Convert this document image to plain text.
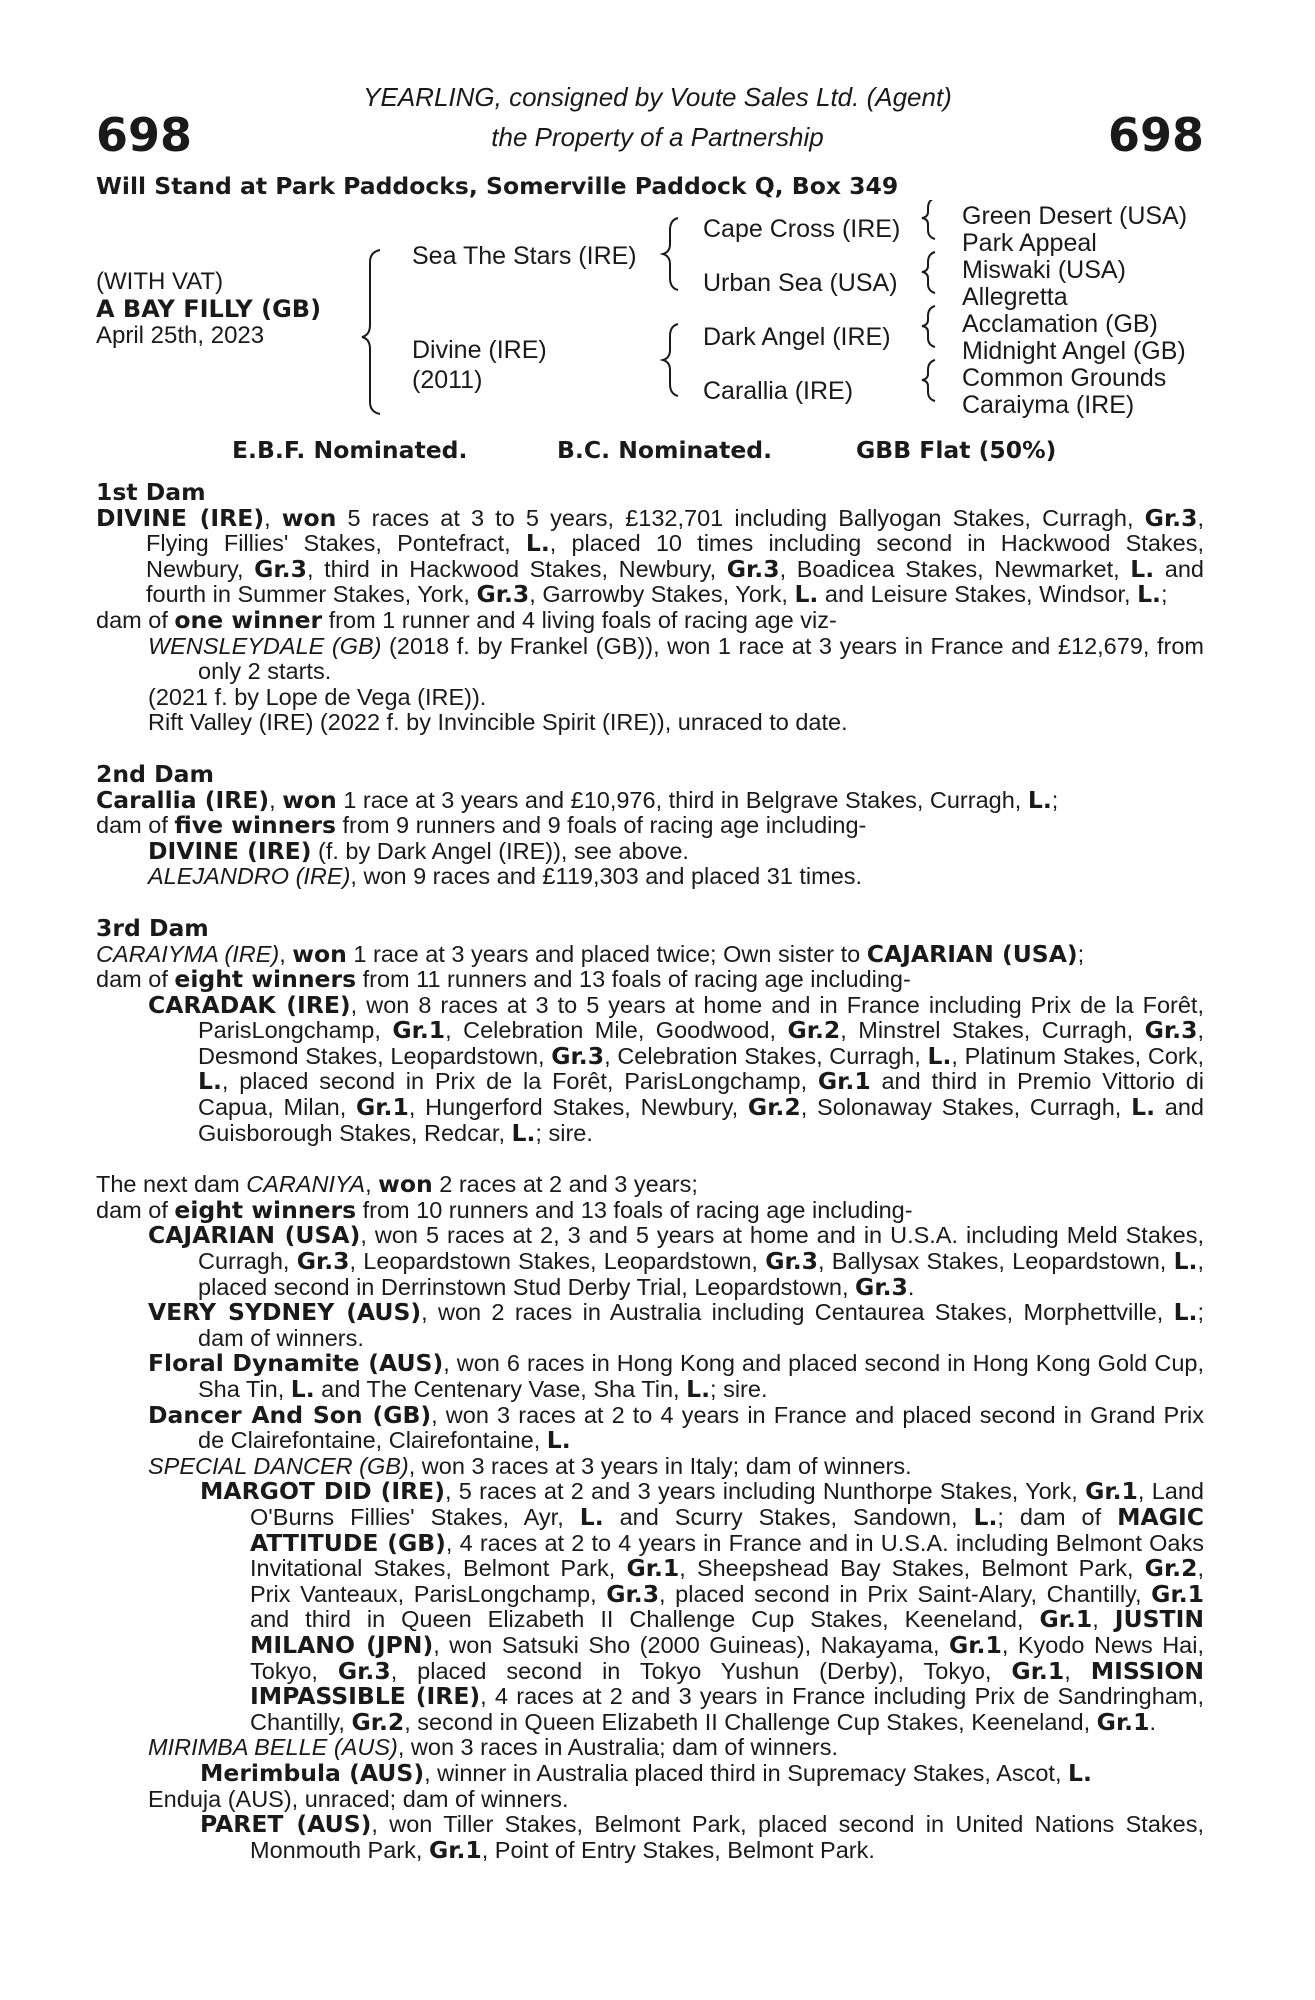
698	698
YEARLING, consigned by Voute Sales Ltd. (Agent)
the Property of a Partnership
Will Stand at Park Paddocks, Somerville Paddock Q, Box 349
(WITH VAT)
A BAY FILLY (GB)
April 25th, 2023
Sea The Stars (IRE)
Divine (IRE)
(2011)
Cape Cross (IRE)
Urban Sea (USA)
Dark Angel (IRE)
Carallia (IRE)
Green Desert (USA)
Park Appeal
Miswaki (USA)
Allegretta
Acclamation (GB)
Midnight Angel (GB)
Common Grounds
Caraiyma (IRE)
E.B.F. Nominated.	B.C. Nominated.	GBB Flat (50%)

1st Dam

DIVINE (IRE), won 5 races at 3 to 5 years, £132,701 including Ballyogan Stakes, Curragh, Gr.3, Flying Fillies' Stakes, Pontefract, L., placed 10 times including second in Hackwood Stakes, Newbury, Gr.3, third in Hackwood Stakes, Newbury, Gr.3, Boadicea Stakes, Newmarket, L. and fourth in Summer Stakes, York, Gr.3, Garrowby Stakes, York, L. and Leisure Stakes, Windsor, L.;

dam of one winner from 1 runner and 4 living foals of racing age viz-

WENSLEYDALE (GB) (2018 f. by Frankel (GB)), won 1 race at 3 years in France and £12,679, from only 2 starts.

(2021 f. by Lope de Vega (IRE)).

Rift Valley (IRE) (2022 f. by Invincible Spirit (IRE)), unraced to date.

2nd Dam

Carallia (IRE), won 1 race at 3 years and £10,976, third in Belgrave Stakes, Curragh, L.;

dam of five winners from 9 runners and 9 foals of racing age including-

DIVINE (IRE) (f. by Dark Angel (IRE)), see above.

ALEJANDRO (IRE), won 9 races and £119,303 and placed 31 times.

3rd Dam

CARAIYMA (IRE), won 1 race at 3 years and placed twice; Own sister to CAJARIAN (USA);

dam of eight winners from 11 runners and 13 foals of racing age including-

CARADAK (IRE), won 8 races at 3 to 5 years at home and in France including Prix de la Forêt, ParisLongchamp, Gr.1, Celebration Mile, Goodwood, Gr.2, Minstrel Stakes, Curragh, Gr.3, Desmond Stakes, Leopardstown, Gr.3, Celebration Stakes, Curragh, L., Platinum Stakes, Cork, L., placed second in Prix de la Forêt, ParisLongchamp, Gr.1 and third in Premio Vittorio di Capua, Milan, Gr.1, Hungerford Stakes, Newbury, Gr.2, Solonaway Stakes, Curragh, L. and Guisborough Stakes, Redcar, L.; sire.

The next dam CARANIYA, won 2 races at 2 and 3 years;

dam of eight winners from 10 runners and 13 foals of racing age including-

CAJARIAN (USA), won 5 races at 2, 3 and 5 years at home and in U.S.A. including Meld Stakes, Curragh, Gr.3, Leopardstown Stakes, Leopardstown, Gr.3, Ballysax Stakes, Leopardstown, L., placed second in Derrinstown Stud Derby Trial, Leopardstown, Gr.3.

VERY SYDNEY (AUS), won 2 races in Australia including Centaurea Stakes, Morphettville, L.; dam of winners.

Floral Dynamite (AUS), won 6 races in Hong Kong and placed second in Hong Kong Gold Cup, Sha Tin, L. and The Centenary Vase, Sha Tin, L.; sire.

Dancer And Son (GB), won 3 races at 2 to 4 years in France and placed second in Grand Prix de Clairefontaine, Clairefontaine, L.

SPECIAL DANCER (GB), won 3 races at 3 years in Italy; dam of winners.

MARGOT DID (IRE), 5 races at 2 and 3 years including Nunthorpe Stakes, York, Gr.1, Land O'Burns Fillies' Stakes, Ayr, L. and Scurry Stakes, Sandown, L.; dam of MAGIC ATTITUDE (GB), 4 races at 2 to 4 years in France and in U.S.A. including Belmont Oaks Invitational Stakes, Belmont Park, Gr.1, Sheepshead Bay Stakes, Belmont Park, Gr.2, Prix Vanteaux, ParisLongchamp, Gr.3, placed second in Prix Saint-Alary, Chantilly, Gr.1 and third in Queen Elizabeth II Challenge Cup Stakes, Keeneland, Gr.1, JUSTIN MILANO (JPN), won Satsuki Sho (2000 Guineas), Nakayama, Gr.1, Kyodo News Hai, Tokyo, Gr.3, placed second in Tokyo Yushun (Derby), Tokyo, Gr.1, MISSION IMPASSIBLE (IRE), 4 races at 2 and 3 years in France including Prix de Sandringham, Chantilly, Gr.2, second in Queen Elizabeth II Challenge Cup Stakes, Keeneland, Gr.1.

MIRIMBA BELLE (AUS), won 3 races in Australia; dam of winners.

Merimbula (AUS), winner in Australia placed third in Supremacy Stakes, Ascot, L.

Enduja (AUS), unraced; dam of winners.

PARET (AUS), won Tiller Stakes, Belmont Park, placed second in United Nations Stakes, Monmouth Park, Gr.1, Point of Entry Stakes, Belmont Park.
